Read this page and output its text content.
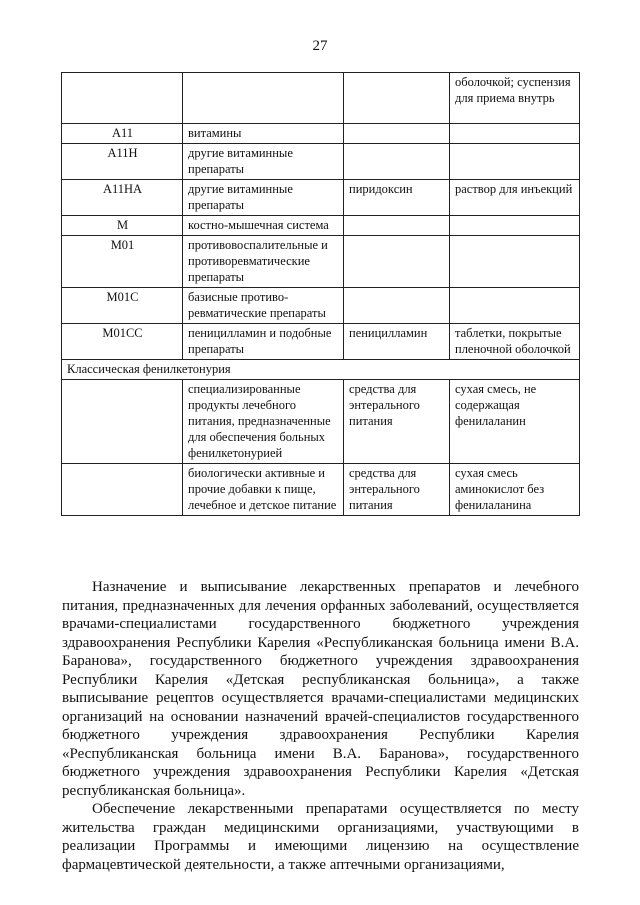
27
			оболочкой; суспензия для приема внутрь
A11	витамины		
A11H	другие витаминные препараты		
A11HA	другие витаминные препараты	пиридоксин	раствор для инъекций
M	костно-мышечная система		
M01	противовоспалительные и противоревматические препараты		
M01C	базисные противо-ревматические препараты		
M01CC	пеницилламин и подобные препараты	пеницилламин	таблетки, покрытые пленочной оболочкой
Классическая фенилкетонурия			
	специализированные продукты лечебного питания, предназначенные для обеспечения больных фенилкетонурией	средства для энтерального питания	сухая смесь, не содержащая фенилаланин
	биологически активные и прочие добавки к пище, лечебное и детское питание	средства для энтерального питания	сухая смесь аминокислот без фенилаланина

Назначение и выписывание лекарственных препаратов и лечебного питания, предназначенных для лечения орфанных заболеваний, осуществляется врачами-специалистами государственного бюджетного учреждения здравоохранения Республики Карелия «Республиканская больница имени В.А. Баранова», государственного бюджетного учреждения здравоохранения Республики Карелия «Детская республиканская больница», а также выписывание рецептов осуществляется врачами-специалистами медицинских организаций на основании назначений врачей-специалистов государственного бюджетного учреждения здравоохранения Республики Карелия «Республиканская больница имени В.А. Баранова», государственного бюджетного учреждения здравоохранения Республики Карелия «Детская республиканская больница».

Обеспечение лекарственными препаратами осуществляется по месту жительства граждан медицинскими организациями, участвующими в реализации Программы и имеющими лицензию на осуществление фармацевтической деятельности, а также аптечными организациями,
